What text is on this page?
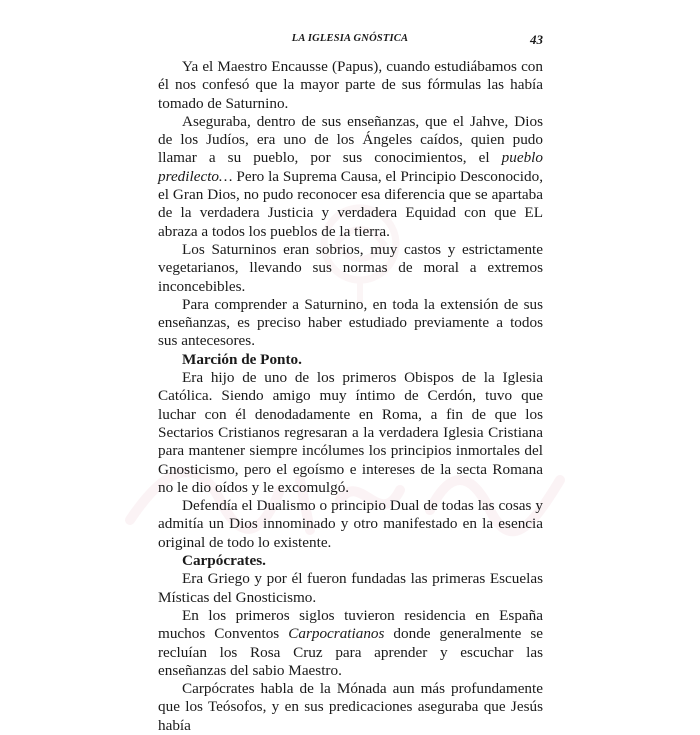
LA IGLESIA GNÓSTICA	43

Ya el Maestro Encausse (Papus), cuando estudiábamos con él nos confesó que la mayor parte de sus fórmulas las había tomado de Saturnino.

Aseguraba, dentro de sus enseñanzas, que el Jahve, Dios de los Judíos, era uno de los Ángeles caídos, quien pudo llamar a su pueblo, por sus conocimientos, el pueblo predilecto… Pero la Suprema Causa, el Principio Desconocido, el Gran Dios, no pudo reconocer esa diferencia que se apartaba de la verdadera Justicia y verdadera Equidad con que EL abraza a todos los pueblos de la tierra.

Los Saturninos eran sobrios, muy castos y estrictamente vegetarianos, llevando sus normas de moral a extremos inconcebibles.

Para comprender a Saturnino, en toda la extensión de sus enseñanzas, es preciso haber estudiado previamente a todos sus antecesores.

Marción de Ponto.

Era hijo de uno de los primeros Obispos de la Iglesia Católica. Siendo amigo muy íntimo de Cerdón, tuvo que luchar con él denodadamente en Roma, a fin de que los Sectarios Cristianos regresaran a la verdadera Iglesia Cristiana para mantener siempre incólumes los principios inmortales del Gnosticismo, pero el egoísmo e intereses de la secta Romana no le dio oídos y le excomulgó.

Defendía el Dualismo o principio Dual de todas las cosas y admitía un Dios innominado y otro manifestado en la esencia original de todo lo existente.

Carpócrates.

Era Griego y por él fueron fundadas las primeras Escuelas Místicas del Gnosticismo.

En los primeros siglos tuvieron residencia en España muchos Conventos Carpocratianos donde generalmente se recluían los Rosa Cruz para aprender y escuchar las enseñanzas del sabio Maestro.

Carpócrates habla de la Mónada aun más profundamente que los Teósofos, y en sus predicaciones aseguraba que Jesús había
